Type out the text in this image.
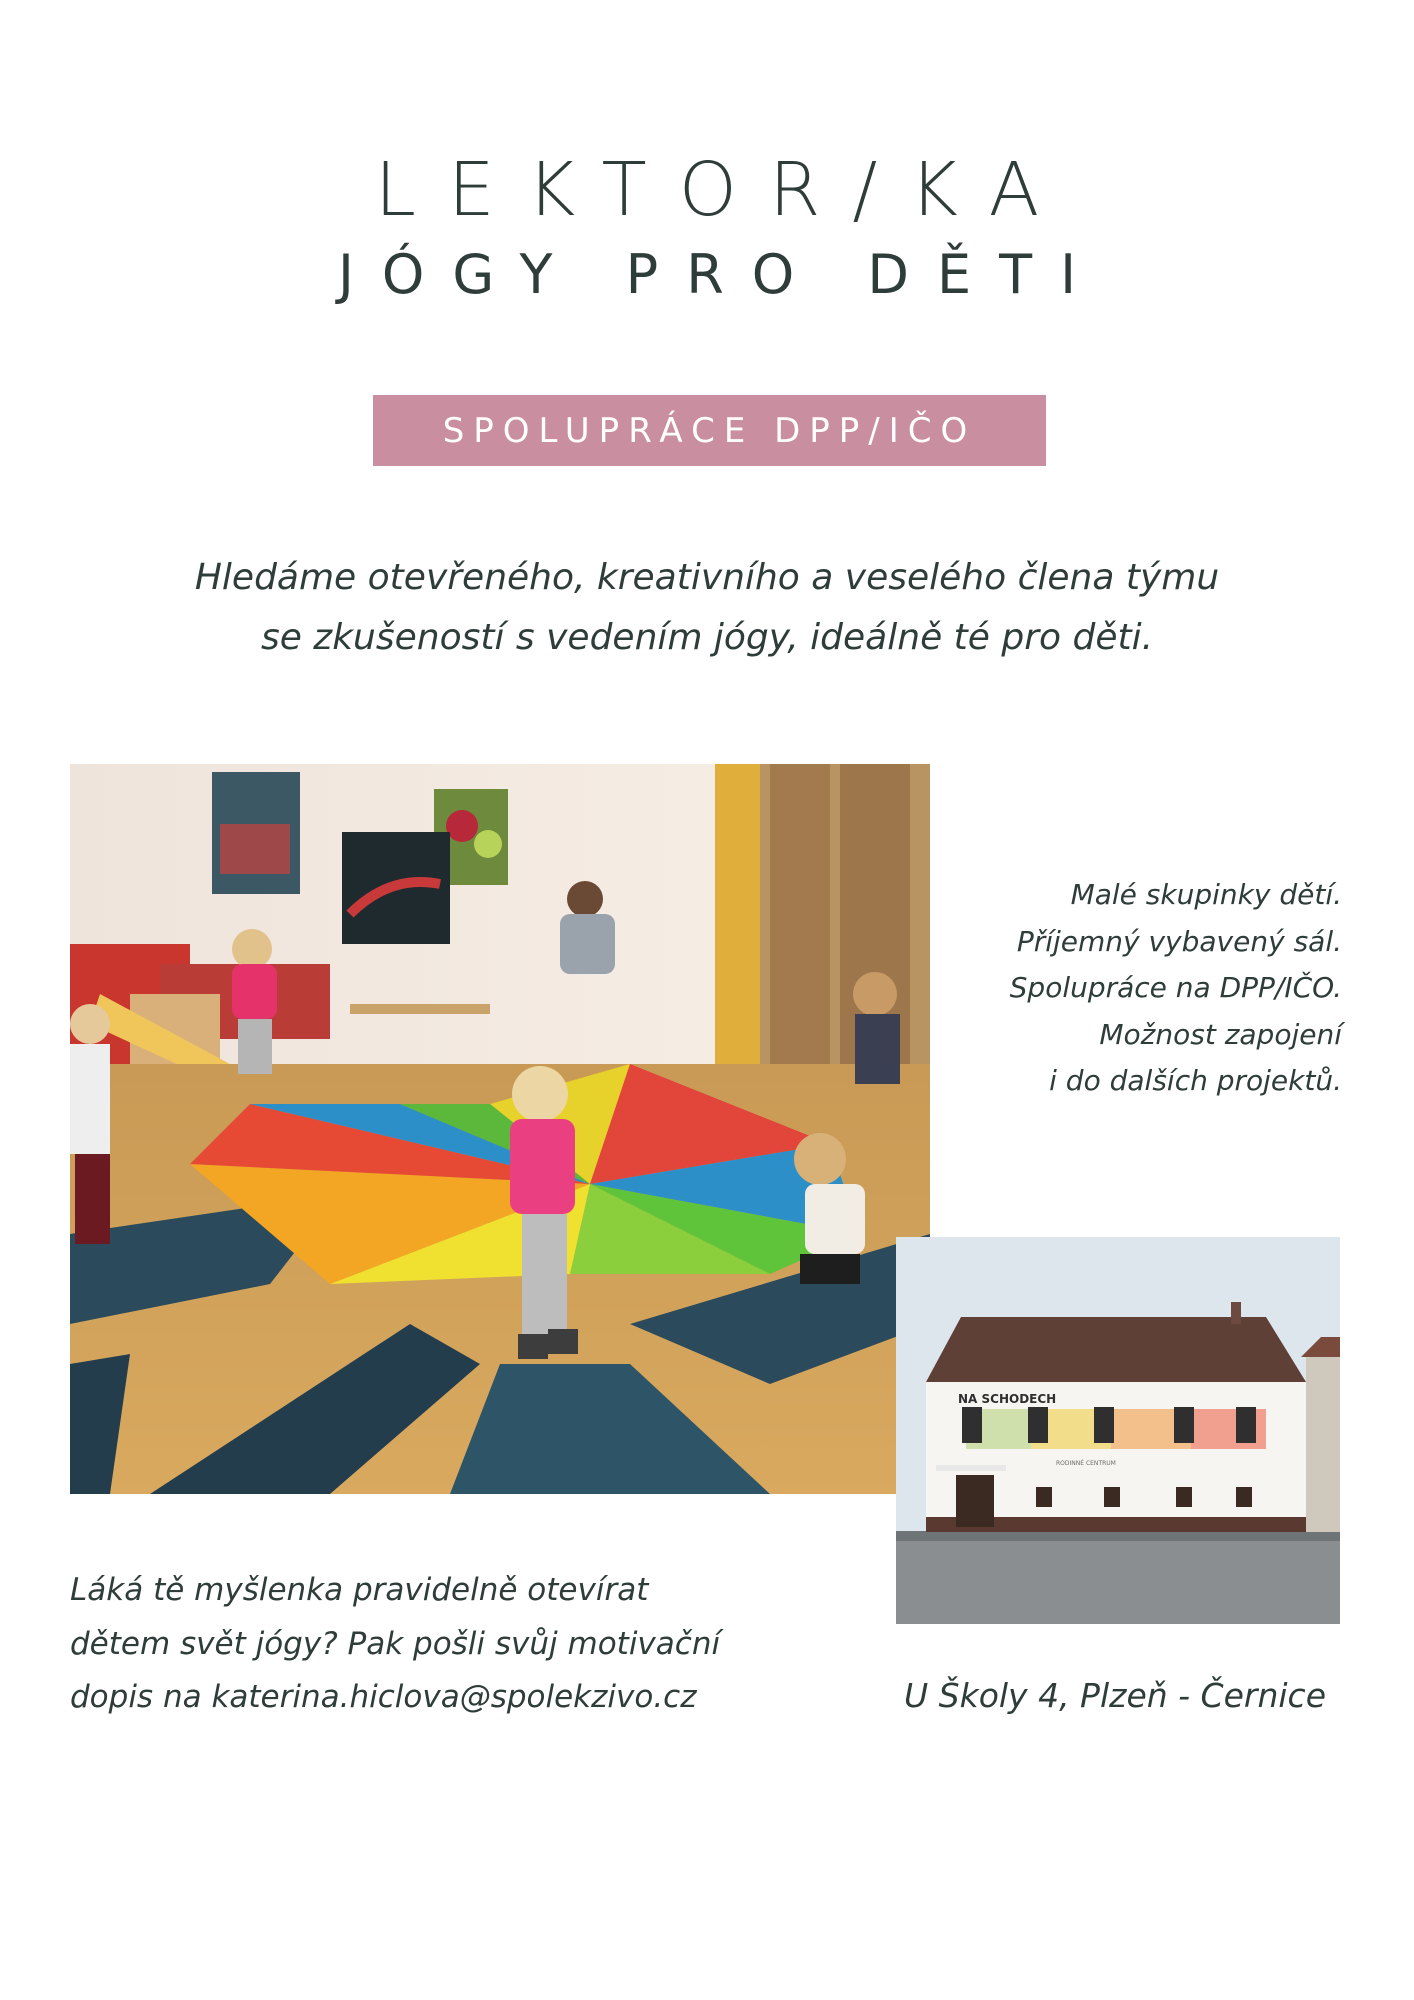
LEKTOR/KA
JÓGY PRO DĚTI
SPOLUPRÁCE DPP/IČO
Hledáme otevřeného, kreativního a veselého člena týmu
se zkušeností s vedením jógy, ideálně té pro děti.
NA SCHODECH
RODINNÉ CENTRUM
Malé skupinky dětí.
Příjemný vybavený sál.
Spolupráce na DPP/IČO.
Možnost zapojení
i do dalších projektů.
Láká tě myšlenka pravidelně otevírat
dětem svět jógy? Pak pošli svůj motivační
dopis na katerina.hiclova@spolekzivo.cz	U Školy 4, Plzeň - Černice
